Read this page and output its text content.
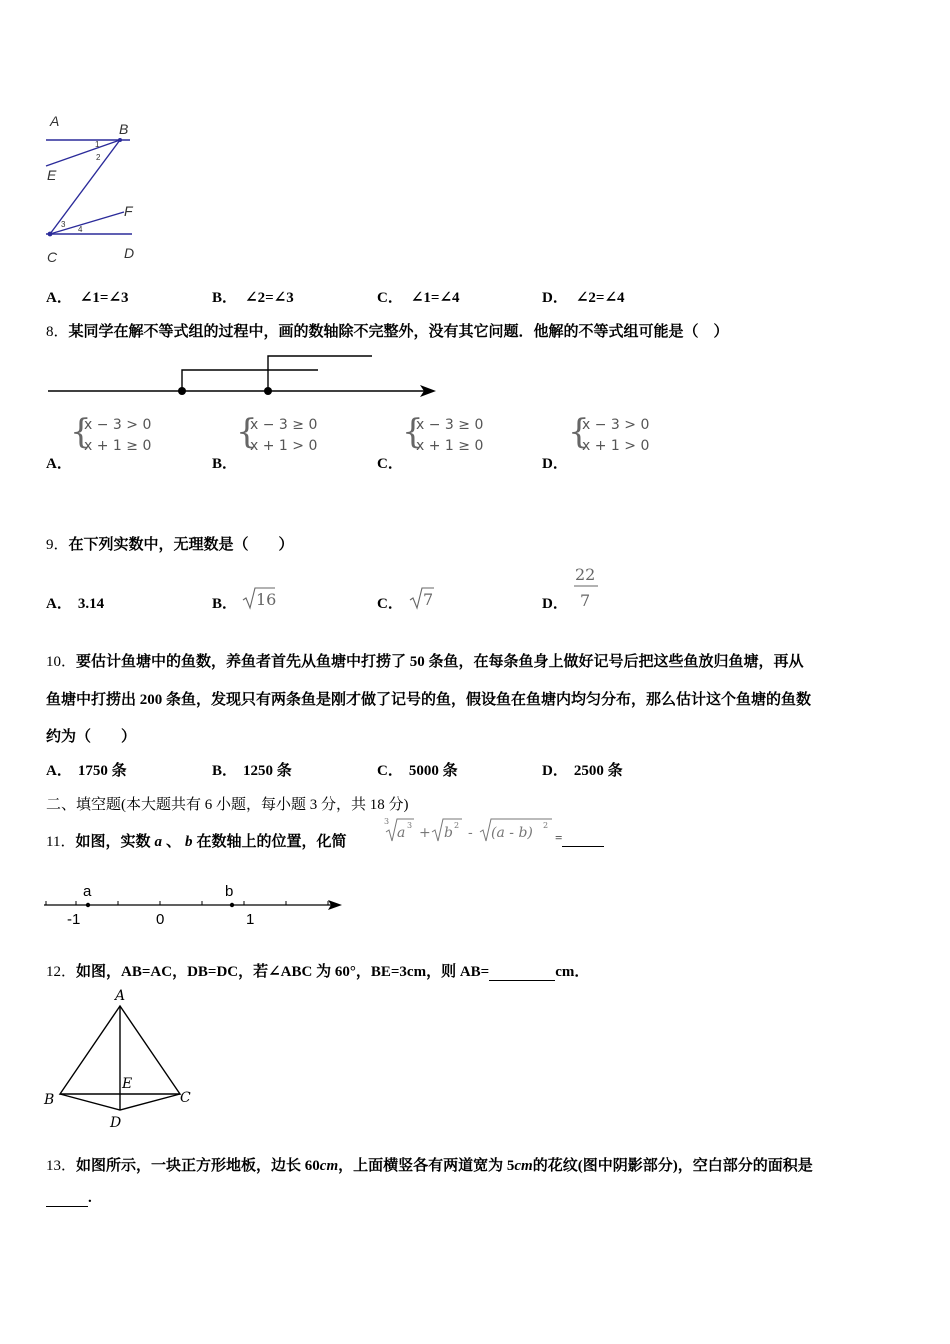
A	B
E
F
C	D
1
2
3
4
A． ∠1=∠3	B． ∠2=∠3	C． ∠1=∠4	D． ∠2=∠4
8．某同学在解不等式组的过程中，画的数轴除不完整外，没有其它问题．他解的不等式组可能是（　）
A．
{
x − 3 > 0
x + 1 ≥ 0
B．
{
x − 3 ≥ 0
x + 1 > 0
C．
{
x − 3 ≥ 0
x + 1 ≥ 0
D．
{
x − 3 > 0
x + 1 > 0
9．在下列实数中，无理数是（　　）
A． 3.14	B． 16	C． 7	D．
22
7
10．要估计鱼塘中的鱼数，养鱼者首先从鱼塘中打捞了 50 条鱼，在每条鱼身上做好记号后把这些鱼放归鱼塘，再从
鱼塘中打捞出 200 条鱼，发现只有两条鱼是刚才做了记号的鱼，假设鱼在鱼塘内均匀分布，那么估计这个鱼塘的鱼数
约为（　　）
A． 1750 条	B． 1250 条	C． 5000 条	D． 2500 条
二、填空题(本大题共有 6 小题，每小题 3 分，共 18 分)
11．如图，实数 a 、 b 在数轴上的位置，化简
3
a 3 + b 2 - (a - b) 2
=
a	b
-1	0	1
12．如图，AB=AC，DB=DC，若∠ABC 为 60°，BE=3cm，则 AB=	cm．
A
B	C
D
E
13．如图所示，一块正方形地板，边长 60cm，上面横竖各有两道宽为 5cm的花纹(图中阴影部分)，空白部分的面积是
.
